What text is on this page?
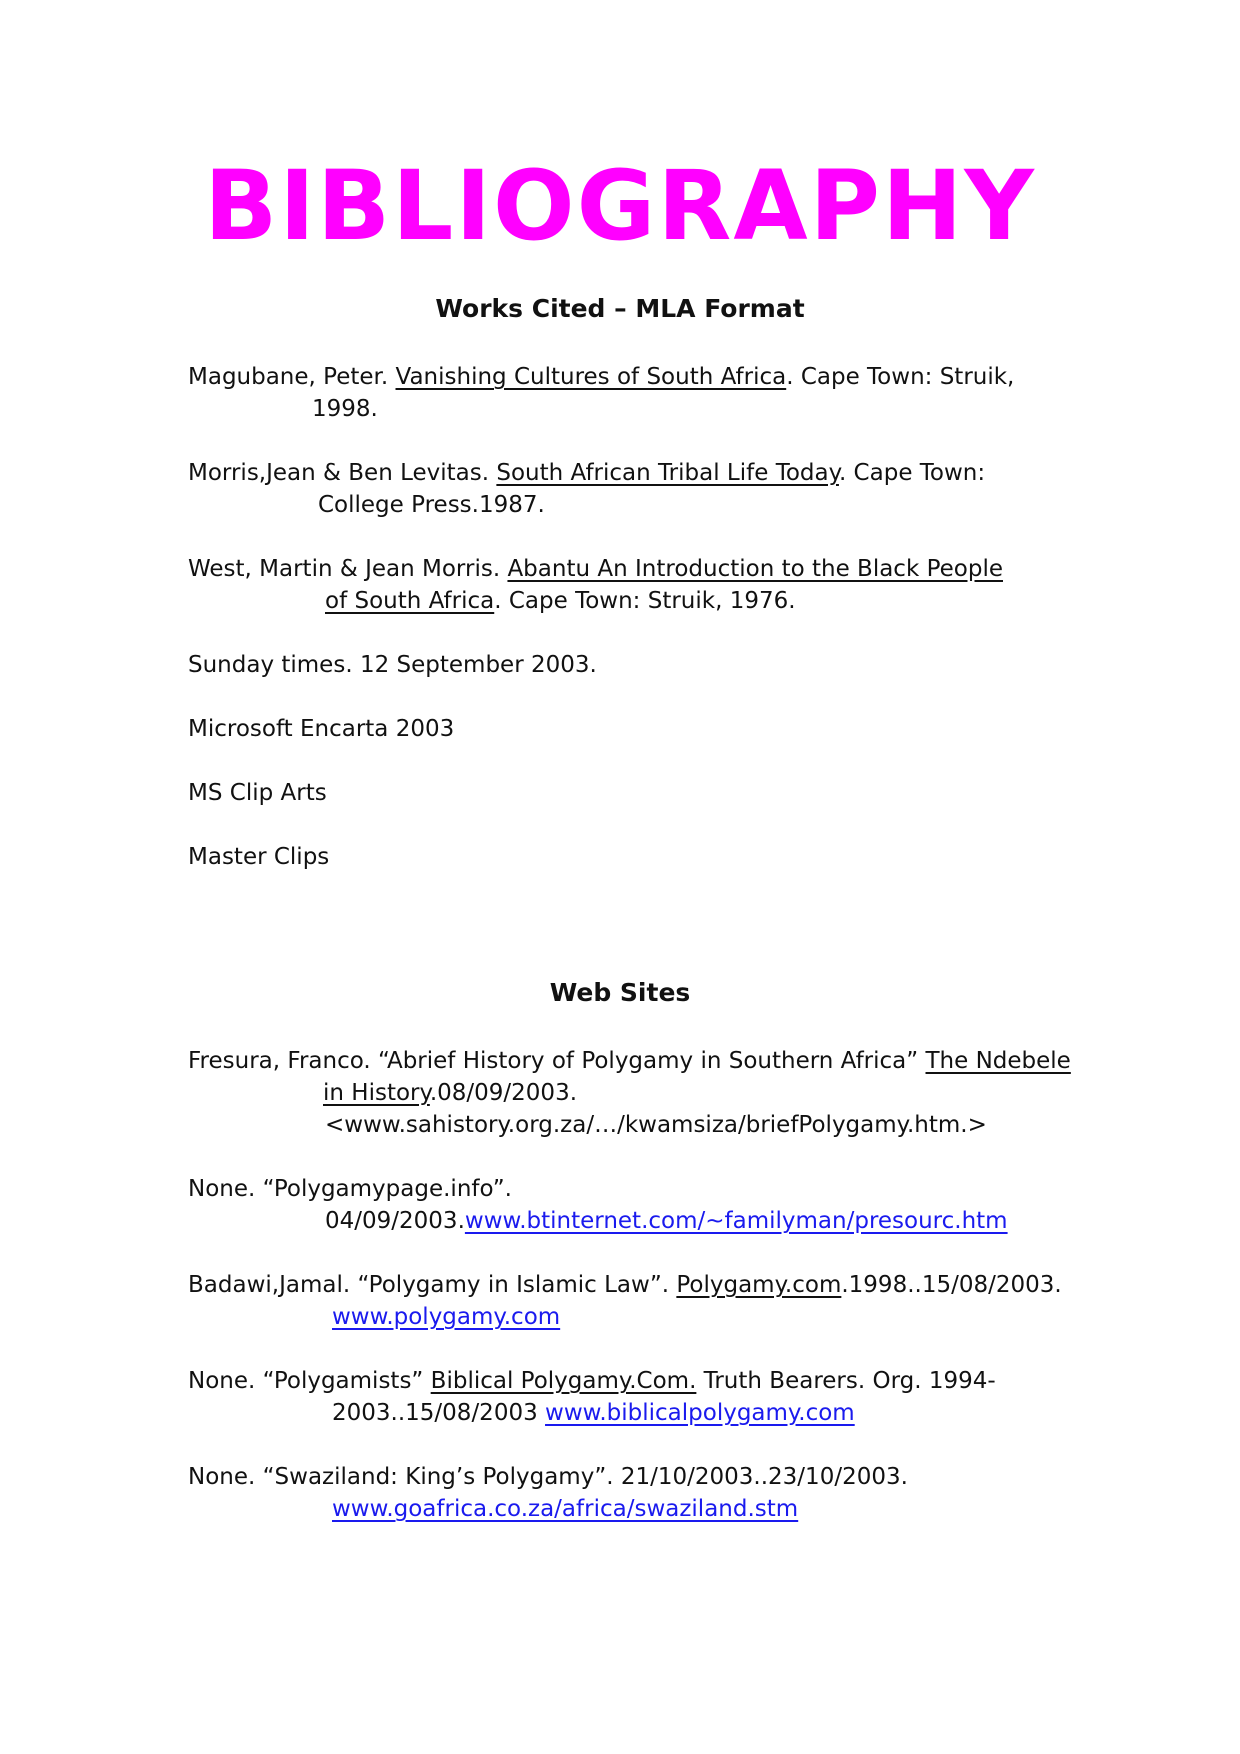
BIBLIOGRAPHY
Works Cited – MLA Format
Magubane, Peter. Vanishing Cultures of South Africa. Cape Town: Struik,
1998.
Morris,Jean & Ben Levitas. South African Tribal Life Today. Cape Town:
College Press.1987.
West, Martin & Jean Morris. Abantu An Introduction to the Black People
of South Africa. Cape Town: Struik, 1976.
Sunday times. 12 September 2003.
Microsoft Encarta 2003
MS Clip Arts
Master Clips
Web Sites
Fresura, Franco. “Abrief History of Polygamy in Southern Africa” The Ndebele
in History.08/09/2003.
<www.sahistory.org.za/…/kwamsiza/briefPolygamy.htm.>
None. “Polygamypage.info”.
04/09/2003.www.btinternet.com/~familyman/presourc.htm
Badawi,Jamal. “Polygamy in Islamic Law”. Polygamy.com.1998..15/08/2003.
www.polygamy.com
None. “Polygamists” Biblical Polygamy.Com. Truth Bearers. Org. 1994-
2003..15/08/2003 www.biblicalpolygamy.com
None. “Swaziland: King’s Polygamy”. 21/10/2003..23/10/2003.
www.goafrica.co.za/africa/swaziland.stm
